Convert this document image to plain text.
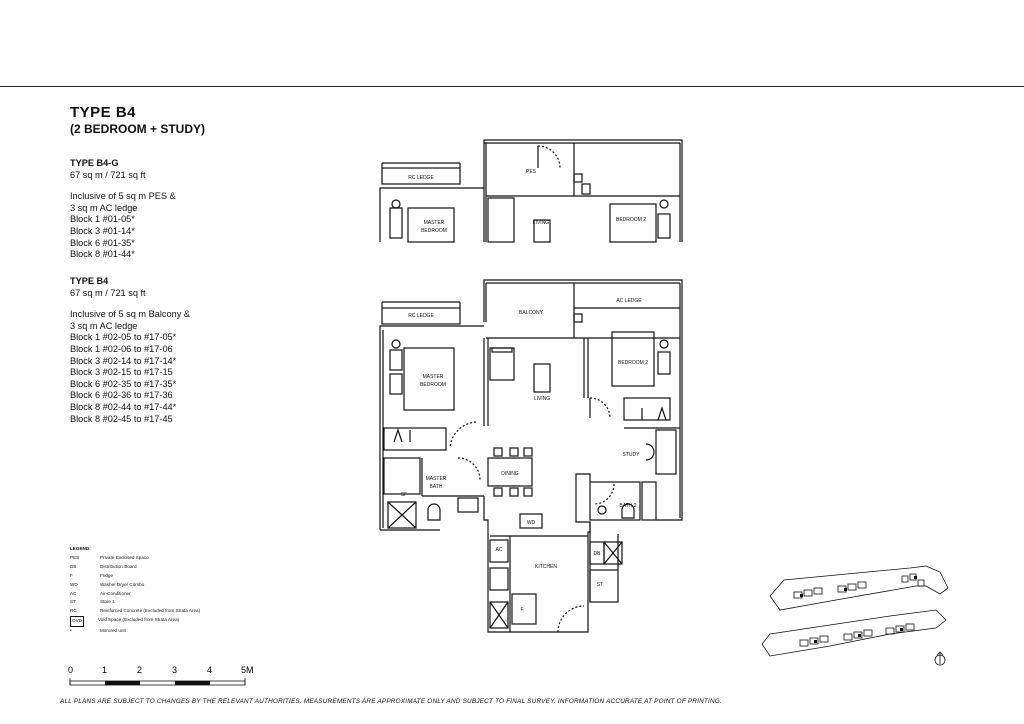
TYPE B4
(2 BEDROOM + STUDY)
TYPE B4-G
67 sq m / 721 sq ft
Inclusive of 5 sq m PES &
3 sq m AC ledge
Block 1 #01-05*
Block 3 #01-14*
Block 6 #01-35*
Block 8 #01-44*
TYPE B4
67 sq m / 721 sq ft
Inclusive of 5 sq m Balcony &
3 sq m AC ledge
Block 1 #02-05 to #17-05*
Block 1 #02-06 to #17-06
Block 3 #02-14 to #17-14*
Block 3 #02-15 to #17-15
Block 6 #02-35 to #17-35*
Block 6 #02-36 to #17-36
Block 8 #02-44 to #17-44*
Block 8 #02-45 to #17-45
LEGEND:
PES	Private Enclosed Space
DB	Distribution Board
F	Fridge
WD	Washer Dryer Combo
AC	Air-Conditioner
ST	Store 1
RC	Reinforced Concrete (Excluded from Strata Area)
OVD	Void Space (Excluded from Strata Area)
•	Mirrored unit
0	1	2	3	4	5M
ALL PLANS ARE SUBJECT TO CHANGES BY THE RELEVANT AUTHORITIES. MEASUREMENTS ARE APPROXIMATE ONLY AND SUBJECT TO FINAL SURVEY. INFORMATION ACCURATE AT POINT OF PRINTING.
RC LEDGE
PES
MASTER
BEDROOM
LIVING	BEDROOM 2
RC LEDGE	BALCONY
AC LEDGE
MASTER
BEDROOM
LIVING
BEDROOM 2
STUDY
DINING
MASTER
BATH
BATH 2
KITCHEN
WD
DB
ST
F
AC
SF
